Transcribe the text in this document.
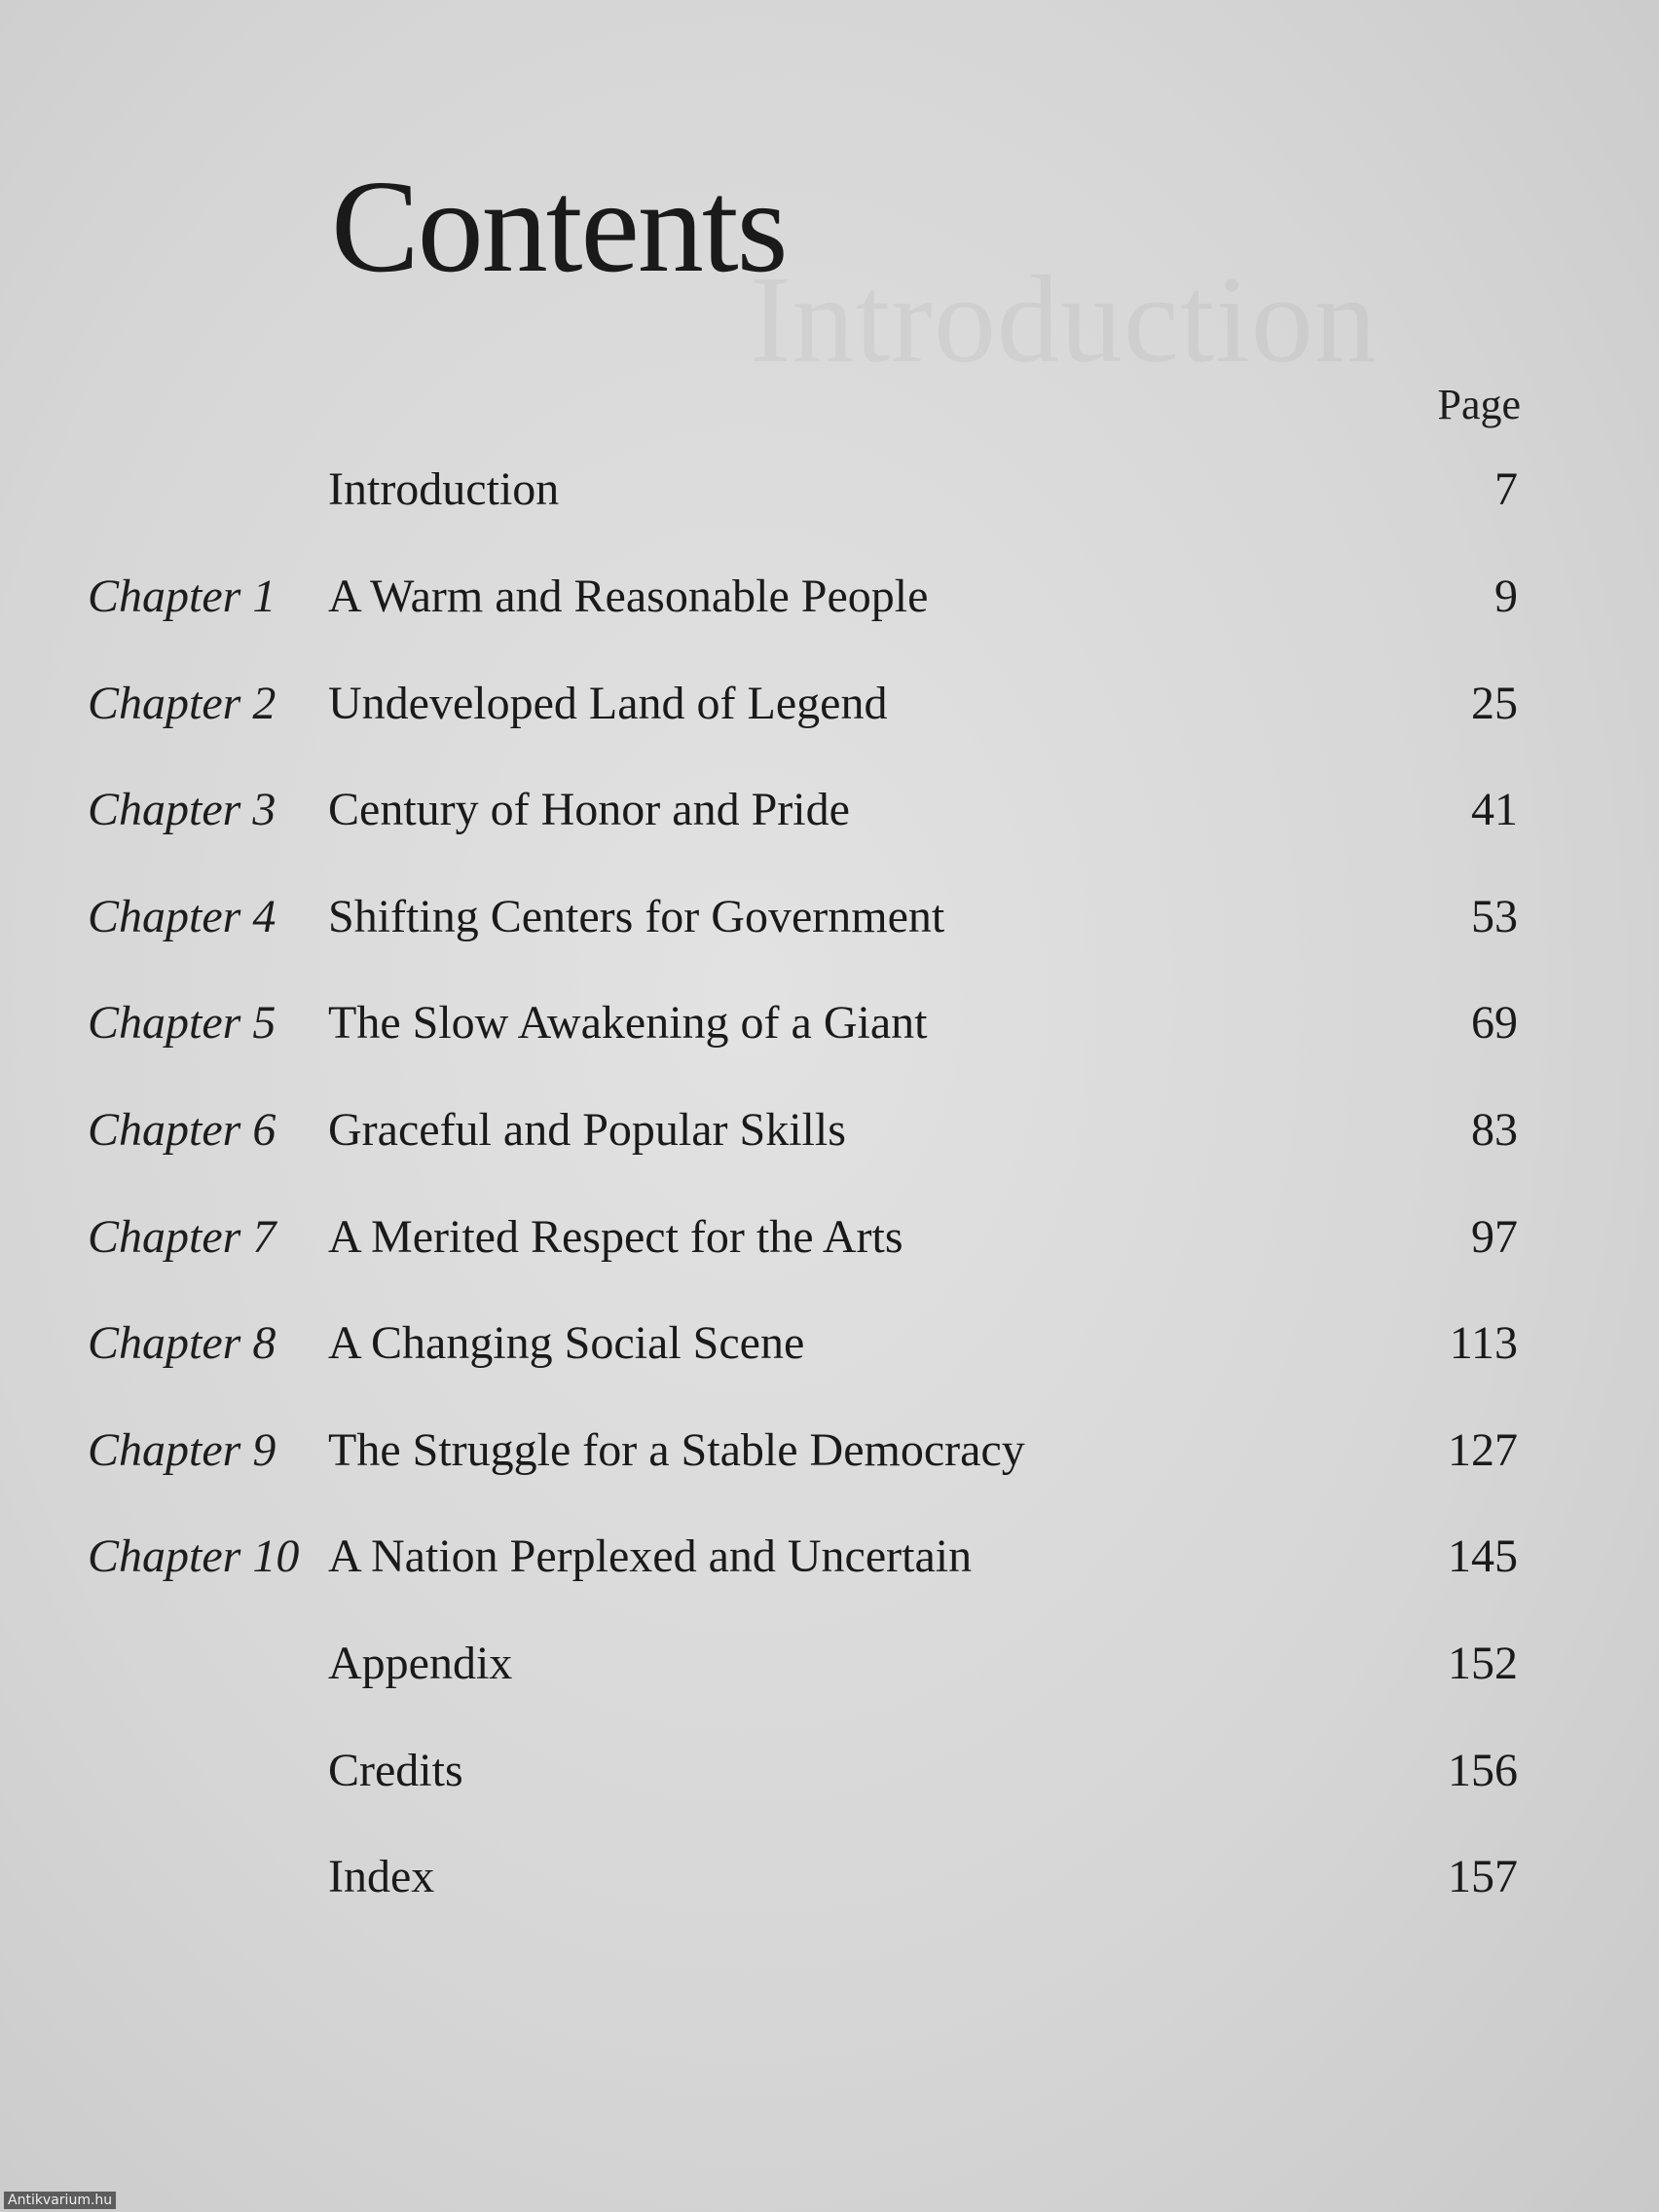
Contents
Page
Introduction	7
Chapter 1 A Warm and Reasonable People	9
Chapter 2 Undeveloped Land of Legend	25
Chapter 3 Century of Honor and Pride	41
Chapter 4 Shifting Centers for Government	53
Chapter 5 The Slow Awakening of a Giant	69
Chapter 6 Graceful and Popular Skills	83
Chapter 7 A Merited Respect for the Arts	97
Chapter 8 A Changing Social Scene	113
Chapter 9 The Struggle for a Stable Democracy	127
Chapter 10 A Nation Perplexed and Uncertain	145
Appendix	152
Credits	156
Index	157
Antikvarium.hu
